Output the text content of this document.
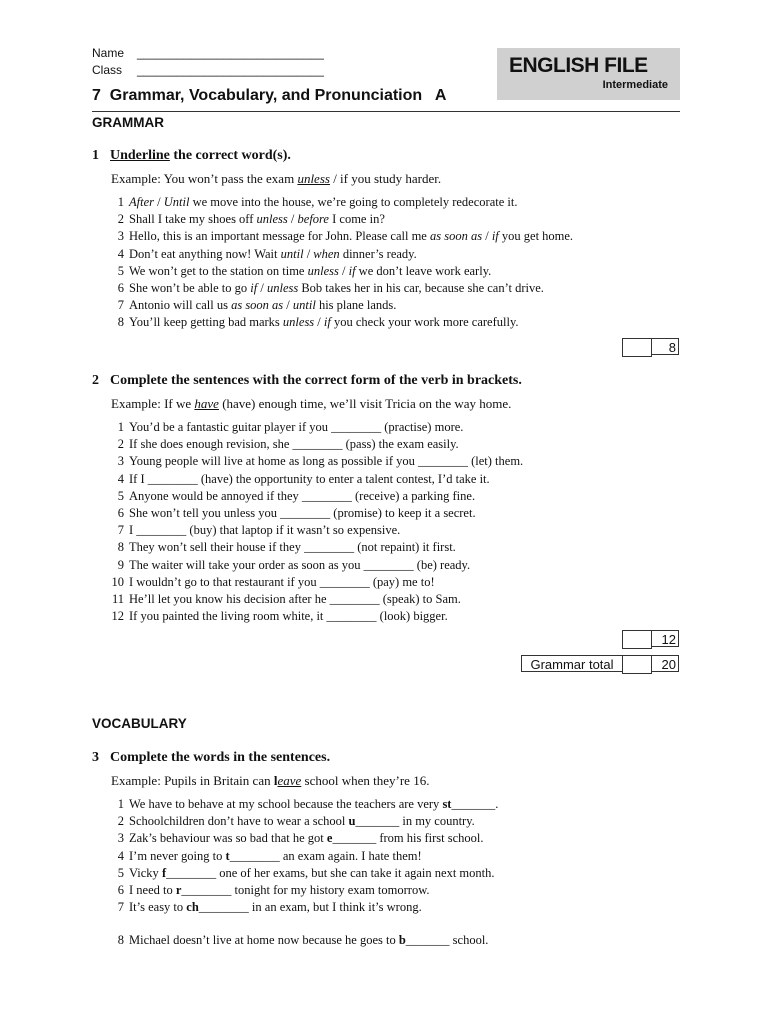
Name ____________________________
Class ____________________________	ENGLISH FILE
Intermediate
7  Grammar, Vocabulary, and Pronunciation   A
GRAMMAR
1 Underline the correct word(s).
Example: You won’t pass the exam unless / if you study harder.
1 After / Until we move into the house, we’re going to completely redecorate it.
2 Shall I take my shoes off unless / before I come in?
3 Hello, this is an important message for John. Please call me as soon as / if you get home.
4 Don’t eat anything now! Wait until / when dinner’s ready.
5 We won’t get to the station on time unless / if we don’t leave work early.
6 She won’t be able to go if / unless Bob takes her in his car, because she can’t drive.
7 Antonio will call us as soon as / until his plane lands.
8 You’ll keep getting bad marks unless / if you check your work more carefully.
8
2 Complete the sentences with the correct form of the verb in brackets.
Example: If we have (have) enough time, we’ll visit Tricia on the way home.
1 You’d be a fantastic guitar player if you ________ (practise) more.
2 If she does enough revision, she ________ (pass) the exam easily.
3 Young people will live at home as long as possible if you ________ (let) them.
4 If I ________ (have) the opportunity to enter a talent contest, I’d take it.
5 Anyone would be annoyed if they ________ (receive) a parking fine.
6 She won’t tell you unless you ________ (promise) to keep it a secret.
7 I ________ (buy) that laptop if it wasn’t so expensive.
8 They won’t sell their house if they ________ (not repaint) it first.
9 The waiter will take your order as soon as you ________ (be) ready.
10 I wouldn’t go to that restaurant if you ________ (pay) me to!
11 He’ll let you know his decision after he ________ (speak) to Sam.
12 If you painted the living room white, it ________ (look) bigger.
12
Grammar total	20
VOCABULARY
3 Complete the words in the sentences.
Example: Pupils in Britain can leave school when they’re 16.
1 We have to behave at my school because the teachers are very st_______.
2 Schoolchildren don’t have to wear a school u_______ in my country.
3 Zak’s behaviour was so bad that he got e_______ from his first school.
4 I’m never going to t________ an exam again. I hate them!
5 Vicky f________ one of her exams, but she can take it again next month.
6 I need to r________ tonight for my history exam tomorrow.
7 It’s easy to ch________ in an exam, but I think it’s wrong.
8 Michael doesn’t live at home now because he goes to b_______ school.
